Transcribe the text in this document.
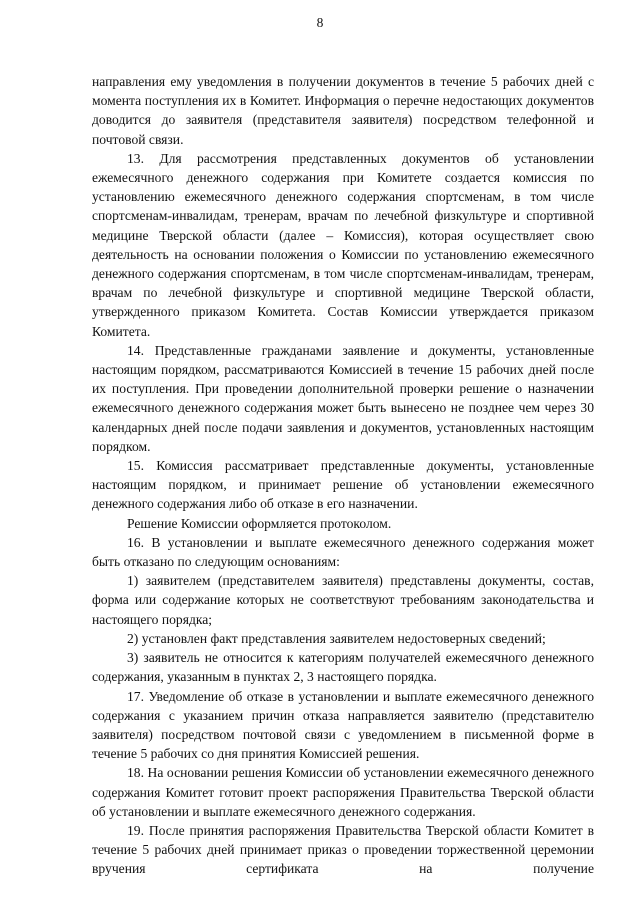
8

направления ему уведомления в получении документов в течение 5 рабочих дней с момента поступления их в Комитет. Информация о перечне недостающих документов доводится до заявителя (представителя заявителя) посредством телефонной и почтовой связи.

13. Для рассмотрения представленных документов об установлении ежемесячного денежного содержания при Комитете создается комиссия по установлению ежемесячного денежного содержания спортсменам, в том числе спортсменам-инвалидам, тренерам, врачам по лечебной физкультуре и спортивной медицине Тверской области (далее – Комиссия), которая осуществляет свою деятельность на основании положения о Комиссии по установлению ежемесячного денежного содержания спортсменам, в том числе спортсменам-инвалидам, тренерам, врачам по лечебной физкультуре и спортивной медицине Тверской области, утвержденного приказом Комитета. Состав Комиссии утверждается приказом Комитета.

14. Представленные гражданами заявление и документы, установленные настоящим порядком, рассматриваются Комиссией в течение 15 рабочих дней после их поступления. При проведении дополнительной проверки решение о назначении ежемесячного денежного содержания может быть вынесено не позднее чем через 30 календарных дней после подачи заявления и документов, установленных настоящим порядком.

15. Комиссия рассматривает представленные документы, установленные настоящим порядком, и принимает решение об установлении ежемесячного денежного содержания либо об отказе в его назначении.

Решение Комиссии оформляется протоколом.

16. В установлении и выплате ежемесячного денежного содержания может быть отказано по следующим основаниям:

1) заявителем (представителем заявителя) представлены документы, состав, форма или содержание которых не соответствуют требованиям законодательства и настоящего порядка;

2) установлен факт представления заявителем недостоверных сведений;

3) заявитель не относится к категориям получателей ежемесячного денежного содержания, указанным в пунктах 2, 3 настоящего порядка.

17. Уведомление об отказе в установлении и выплате ежемесячного денежного содержания с указанием причин отказа направляется заявителю (представителю заявителя) посредством почтовой связи с уведомлением в письменной форме в течение 5 рабочих со дня принятия Комиссией решения.

18. На основании решения Комиссии об установлении ежемесячного денежного содержания Комитет готовит проект распоряжения Правительства Тверской области об установлении и выплате ежемесячного денежного содержания.

19. После принятия распоряжения Правительства Тверской области Комитет в течение 5 рабочих дней принимает приказ о проведении торжественной церемонии вручения сертификата на получение
